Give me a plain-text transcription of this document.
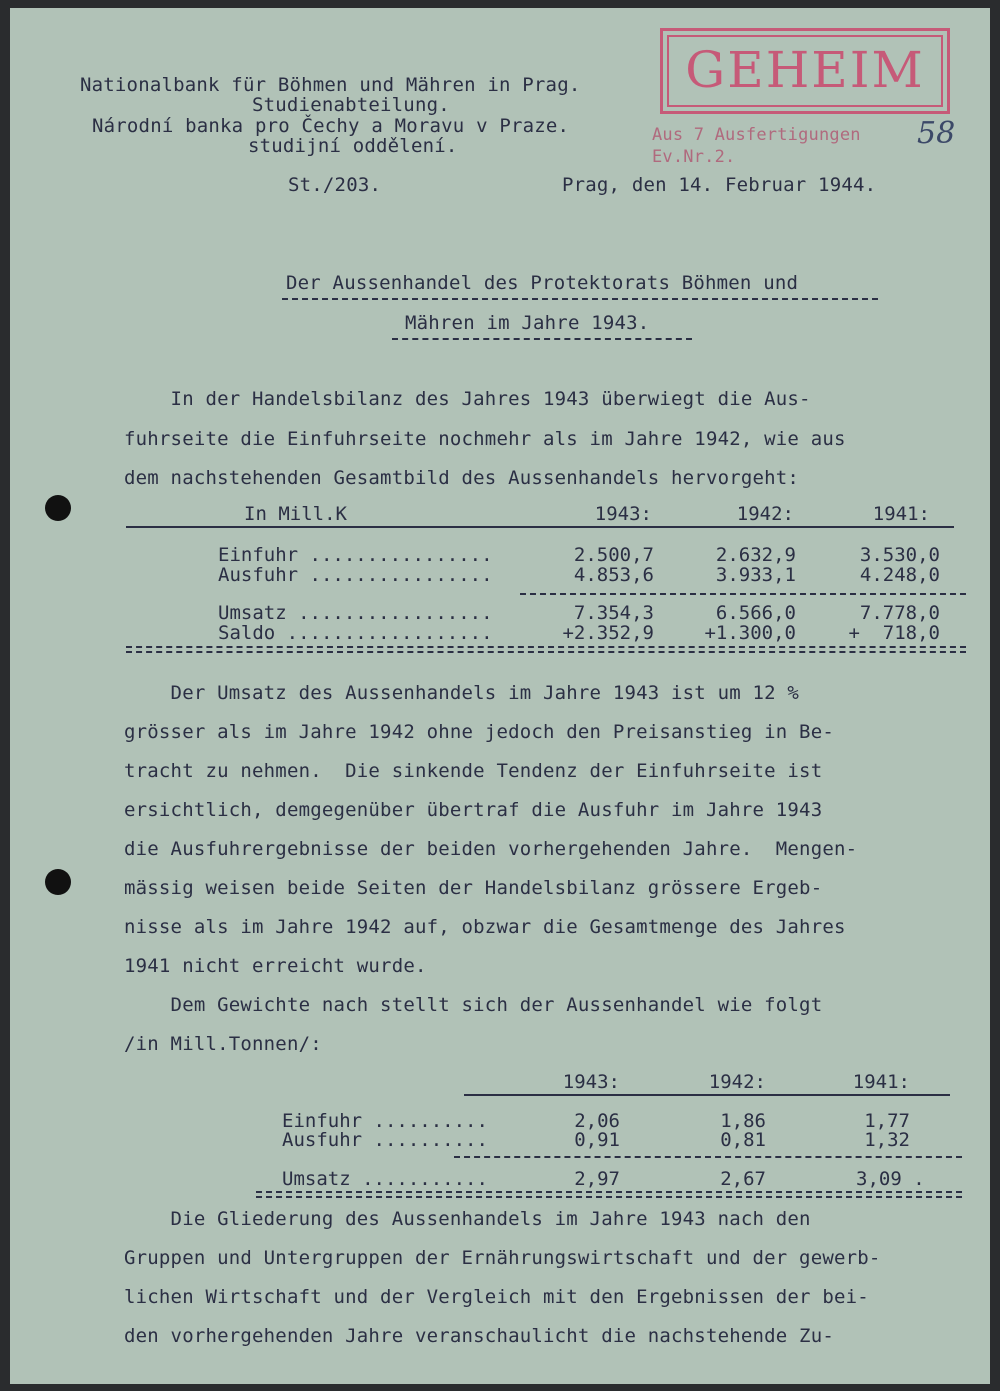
Nationalbank für Böhmen und Mähren in Prag.
Studienabteilung.
Národní banka pro Čechy a Moravu v Praze.
studijní oddělení.
GEHEIM
Aus 7 Ausfertigungen
Ev.Nr.2.
58
St./203.	Prag, den 14. Februar 1944.
Der Aussenhandel des Protektorats Böhmen und
Mähren im Jahre 1943.
In der Handelsbilanz des Jahres 1943 überwiegt die Aus-
fuhrseite die Einfuhrseite nochmehr als im Jahre 1942, wie aus
dem nachstehenden Gesamtbild des Aussenhandels hervorgeht:
In Mill.K	1943:	1942:	1941:
Einfuhr ................	2.500,7	2.632,9	3.530,0
Ausfuhr ................	4.853,6	3.933,1	4.248,0
Umsatz .................	7.354,3	6.566,0	7.778,0
Saldo ..................	+2.352,9	+1.300,0	+  718,0
Der Umsatz des Aussenhandels im Jahre 1943 ist um 12 %
grösser als im Jahre 1942 ohne jedoch den Preisanstieg in Be-
tracht zu nehmen.  Die sinkende Tendenz der Einfuhrseite ist
ersichtlich, demgegenüber übertraf die Ausfuhr im Jahre 1943
die Ausfuhrergebnisse der beiden vorhergehenden Jahre.  Mengen-
mässig weisen beide Seiten der Handelsbilanz grössere Ergeb-
nisse als im Jahre 1942 auf, obzwar die Gesamtmenge des Jahres
1941 nicht erreicht wurde.
Dem Gewichte nach stellt sich der Aussenhandel wie folgt
/in Mill.Tonnen/:
1943:	1942:	1941:
Einfuhr ..........	2,06	1,86	1,77
Ausfuhr ..........	0,91	0,81	1,32
Umsatz ...........	2,97	2,67	3,09 .
Die Gliederung des Aussenhandels im Jahre 1943 nach den
Gruppen und Untergruppen der Ernährungswirtschaft und der gewerb-
lichen Wirtschaft und der Vergleich mit den Ergebnissen der bei-
den vorhergehenden Jahre veranschaulicht die nachstehende Zu-
